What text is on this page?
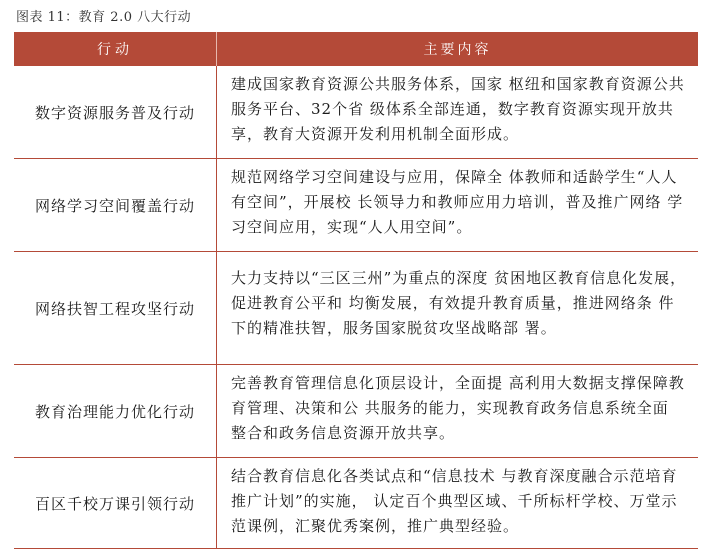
图表 11：教育 2.0 八大行动
行动	主要内容
数字资源服务普及行动
建成国家教育资源公共服务体系，国家 枢纽和国家教育资源公共服务平台、32个省 级体系全部连通，数字教育资源实现开放共 享，教育大资源开发利用机制全面形成。
网络学习空间覆盖行动
规范网络学习空间建设与应用，保障全 体教师和适龄学生“人人有空间”，开展校 长领导力和教师应用力培训，普及推广网络 学习空间应用，实现“人人用空间”。
网络扶智工程攻坚行动
大力支持以“三区三州”为重点的深度 贫困地区教育信息化发展，促进教育公平和 均衡发展，有效提升教育质量，推进网络条 件下的精准扶智，服务国家脱贫攻坚战略部 署。
教育治理能力优化行动
完善教育管理信息化顶层设计，全面提 高利用大数据支撑保障教育管理、决策和公 共服务的能力，实现教育政务信息系统全面 整合和政务信息资源开放共享。
百区千校万课引领行动
结合教育信息化各类试点和“信息技术 与教育深度融合示范培育推广计划”的实施， 认定百个典型区域、千所标杆学校、万堂示 范课例，汇聚优秀案例，推广典型经验。
